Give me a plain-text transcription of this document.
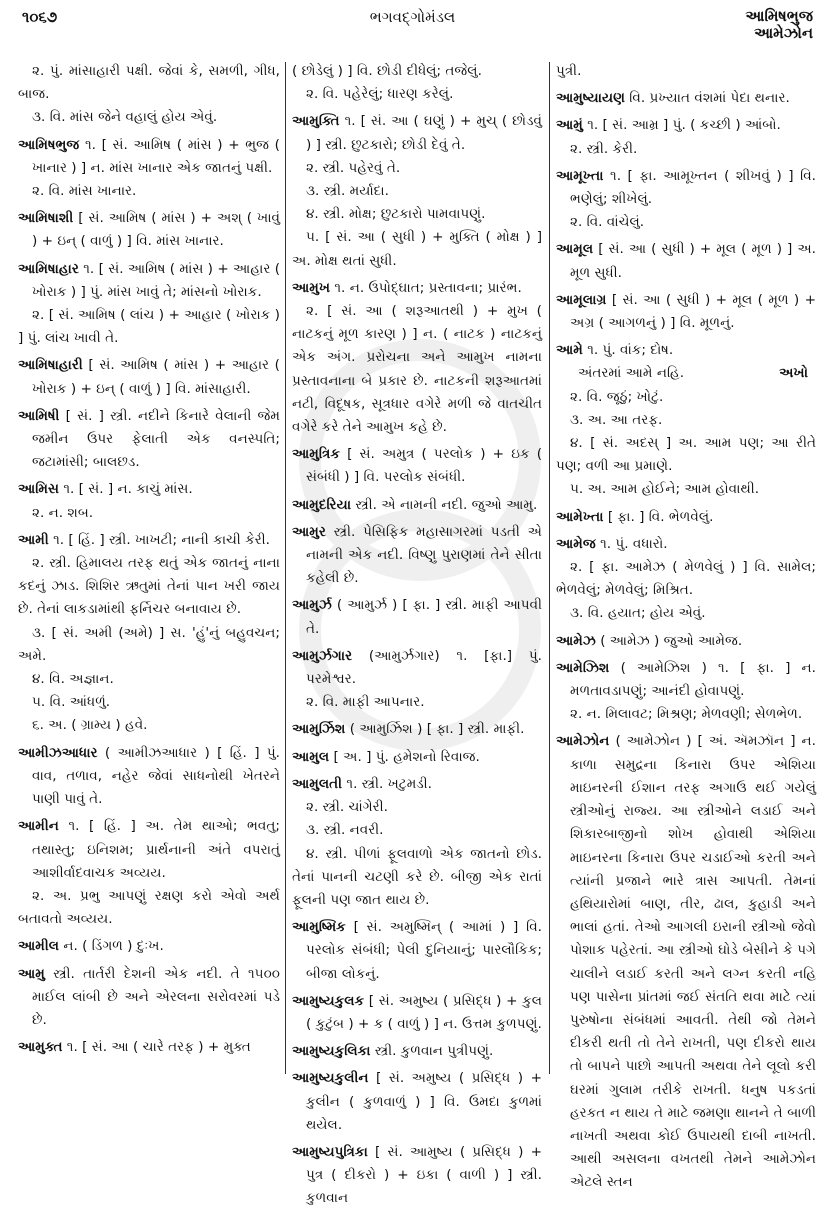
૧૦૬૭	ભગવદ્ગોમંડલ	આમિષભુજ
આમેઝોન

૨. પું. માંસાહારી પક્ષી. જેવાં કે, સમળી, ગીધ, બાજ.

૩. વિ. માંસ જેને વહાલું હોય એવું.

આમિષભુજ ૧. [ સં. આમિષ ( માંસ ) + ભુજ ( ખાનાર ) ] ન. માંસ ખાનાર એક જાતનું પક્ષી.

૨. વિ. માંસ ખાનાર.

આમિષાશી [ સં. આમિષ ( માંસ ) + અશ્ ( ખાવું ) + ઇન્ ( વાળું ) ] વિ. માંસ ખાનાર.

આમિષાહાર ૧. [ સં. આમિષ ( માંસ ) + આહાર ( ખોરાક ) ] પું. માંસ ખાવું તે; માંસનો ખોરાક.

૨. [ સં. આમિષ ( લાંચ ) + આહાર ( ખોરાક ) ] પું. લાંચ ખાવી તે.

આમિષાહારી [ સં. આમિષ ( માંસ ) + આહાર ( ખોરાક ) + ઇન્ ( વાળું ) ] વિ. માંસાહારી.

આમિષી [ સં. ] સ્ત્રી. નદીને કિનારે વેલાની જેમ જમીન ઉપર ફેલાતી એક વનસ્પતિ; જટામાંસી; બાલછડ.

આમિસ ૧. [ સં. ] ન. કાચું માંસ.

૨. ન. શબ.

આમી ૧. [ હિં. ] સ્ત્રી. ખાખટી; નાની કાચી કેરી.

૨. સ્ત્રી. હિમાલય તરફ થતું એક જાતનું નાના કદનું ઝાડ. શિશિર ઋતુમાં તેનાં પાન ખરી જાય છે. તેનાં લાકડામાંથી ફર્નિચર બનાવાય છે.

૩. [ સં. અમી (અમે) ] સ. 'હું'નું બહુવચન; અમે.

૪. વિ. અજ્ઞાન.

૫. વિ. આંધળું.

૬. અ. ( ગ્રામ્ય ) હવે.

આમીઝઆધાર ( આમીઝઆધાર ) [ હિં. ] પું. વાવ, તળાવ, નહેર જેવાં સાધનોથી ખેતરને પાણી પાવું તે.

આમીન ૧. [ હિં. ] અ. તેમ થાઓ; ભવતુ; તથાસ્તુ; ઇનિશમ; પ્રાર્થનાની અંતે વપરાતું આશીર્વાદવાચક અવ્યય.

૨. અ. પ્રભુ આપણું રક્ષણ કરો એવો અર્થ બતાવતો અવ્યય.

આમીલ ન. ( ડિંગળ ) દુઃખ.

આમુ સ્ત્રી. તાર્તરી દેશની એક નદી. તે ૧૫૦૦ માઈલ લાંબી છે અને એરલના સરોવરમાં પડે છે.

આમુક્ત ૧. [ સં. આ ( ચારે તરફ ) + મુક્ત

( છોડેલું ) ] વિ. છોડી દીધેલું; તજેલું.

૨. વિ. પહેરેલું; ધારણ કરેલું.

આમુક્તિ ૧. [ સં. આ ( ઘણું ) + મુચ્ ( છોડવું ) ] સ્ત્રી. છુટકારો; છોડી દેવું તે.

૨. સ્ત્રી. પહેરવું તે.

૩. સ્ત્રી. મર્યાદા.

૪. સ્ત્રી. મોક્ષ; છુટકારો પામવાપણું.

૫. [ સં. આ ( સુધી ) + મુક્તિ ( મોક્ષ ) ] અ. મોક્ષ થતાં સુધી.

આમુખ ૧. ન. ઉપોદ્ઘાત; પ્રસ્તાવના; પ્રારંભ.

૨. [ સં. આ ( શરૂઆતથી ) + મુખ ( નાટકનું મૂળ કારણ ) ] ન. ( નાટક ) નાટકનું એક અંગ. પ્રરોચના અને આમુખ નામના પ્રસ્તાવનાના બે પ્રકાર છે. નાટકની શરૂઆતમાં નટી, વિદૂષક, સૂત્રધાર વગેરે મળી જે વાતચીત વગેરે કરે તેને આમુખ કહે છે.

આમુત્રિક [ સં. અમુત્ર ( પરલોક ) + ઇક ( સંબંધી ) ] વિ. પરલોક સંબંધી.

આમુદરિયા સ્ત્રી. એ નામની નદી. જુઓ આમુ.

આમુર સ્ત્રી. પેસિફિક મહાસાગરમાં પડતી એ નામની એક નદી. વિષ્ણુ પુરાણમાં તેને સીતા કહેલી છે.

આમુર્ઝ ( આમુર્ઝ ) [ ફા. ] સ્ત્રી. માફી આપવી તે.

આમુર્ઝગાર (આમુર્ઝગાર) ૧. [ફા.] પું. પરમેશ્વર.

૨. વિ. માફી આપનાર.

આમુર્ઝિશ ( આમુર્ઝિશ ) [ ફા. ] સ્ત્રી. માફી.

આમુલ [ અ. ] પું. હમેશનો રિવાજ.

આમુલતી ૧. સ્ત્રી. ખટુમડી.

૨. સ્ત્રી. ચાંગેરી.

૩. સ્ત્રી. નવરી.

૪. સ્ત્રી. પીળાં ફૂલવાળો એક જાતનો છોડ. તેનાં પાનની ચટણી કરે છે. બીજી એક રાતાં ફૂલની પણ જાત થાય છે.

આમુષ્મિક [ સં. અમુષ્મિન્ ( આમાં ) ] વિ. પરલોક સંબંધી; પેલી દુનિયાનું; પારલૌકિક; બીજા લોકનું.

આમુષ્યકુલક [ સં. અમુષ્ય ( પ્રસિદ્ધ ) + કુલ ( કુટુંબ ) + ક ( વાળું ) ] ન. ઉત્તમ કુળપણું.

આમુષ્યકુલિકા સ્ત્રી. કુળવાન પુત્રીપણું.

આમુષ્યકુલીન [ સં. અમુષ્ય ( પ્રસિદ્ધ ) + કુલીન ( કુળવાળું ) ] વિ. ઉમદા કુળમાં થયેલ.

આમુષ્યપુત્રિકા [ સં. આમુષ્ય ( પ્રસિદ્ધ ) + પુત્ર ( દીકરો ) + ઇકા ( વાળી ) ] સ્ત્રી. કુળવાન

પુત્રી.

આમુષ્યાયણ વિ. પ્રખ્યાત વંશમાં પેદા થનાર.

આમું ૧. [ સં. આમ્ર ] પું. ( કચ્છી ) આંબો.

૨. સ્ત્રી. કેરી.

આમૂખ્તા ૧. [ ફા. આમૂખ્તન ( શીખવું ) ] વિ. ભણેલું; શીખેલું.

૨. વિ. વાંચેલું.

આમૂલ [ સં. આ ( સુધી ) + મૂલ ( મૂળ ) ] અ. મૂળ સુધી.

આમૂલાગ્ર [ સં. આ ( સુધી ) + મૂલ ( મૂળ ) + અગ્ર ( આગળનું ) ] વિ. મૂળનું.

આમે ૧. પું. વાંક; દોષ.

અંતરમાં આમે નહિ.	અખો

૨. વિ. જૂઠું; ખોટું.

૩. અ. આ તરફ.

૪. [ સં. અદસ્ ] અ. આમ પણ; આ રીતે પણ; વળી આ પ્રમાણે.

૫. અ. આમ હોઈને; આમ હોવાથી.

આમેખ્તા [ ફા. ] વિ. ભેળવેલું.

આમેજ ૧. પું. વધારો.

૨. [ ફા. આમેઝ ( મેળવેલું ) ] વિ. સામેલ; ભેળવેલું; મેળવેલું; મિશ્રિત.

૩. વિ. હયાત; હોય એવું.

આમેઝ ( આમેઝ ) જુઓ આમેજ.

આમેઝિશ ( આમેઝિશ ) ૧. [ ફા. ] ન. મળતાવડાપણું; આનંદી હોવાપણું.

૨. ન. મિલાવટ; મિશ્રણ; મેળવણી; સેળભેળ.

આમેઝોન ( આમેઝોન ) [ અં. ઍમઝૉન ] ન. કાળા સમુદ્રના કિનારા ઉપર એશિયા માઇનરની ઈશાન તરફ અગાઉ થઈ ગયેલું સ્ત્રીઓનું રાજ્ય. આ સ્ત્રીઓને લડાઈ અને શિકારબાજીનો શોખ હોવાથી એશિયા માઇનરના કિનારા ઉપર ચડાઈઓ કરતી અને ત્યાંની પ્રજાને ભારે ત્રાસ આપતી. તેમનાં હથિયારોમાં બાણ, તીર, ઢાલ, કુહાડી અને ભાલાં હતાં. તેઓ આગલી ઇરાની સ્ત્રીઓ જેવો પોશાક પહેરતાં. આ સ્ત્રીઓ ઘોડે બેસીને કે પગે ચાલીને લડાઈ કરતી અને લગ્ન કરતી નહિ પણ પાસેના પ્રાંતમાં જઈ સંતતિ થવા માટે ત્યાં પુરુષોના સંબંધમાં આવતી. તેથી જો તેમને દીકરી થતી તો તેને રાખતી, પણ દીકરો થાય તો બાપને પાછો આપતી અથવા તેને લૂલો કરી ઘરમાં ગુલામ તરીકે રાખતી. ધનુષ પકડતાં હરકત ન થાય તે માટે જમણા થાનને તે બાળી નાખતી અથવા કોઈ ઉપાયથી દાબી નાખતી. આથી અસલના વખતથી તેમને આમેઝોન એટલે સ્તન
